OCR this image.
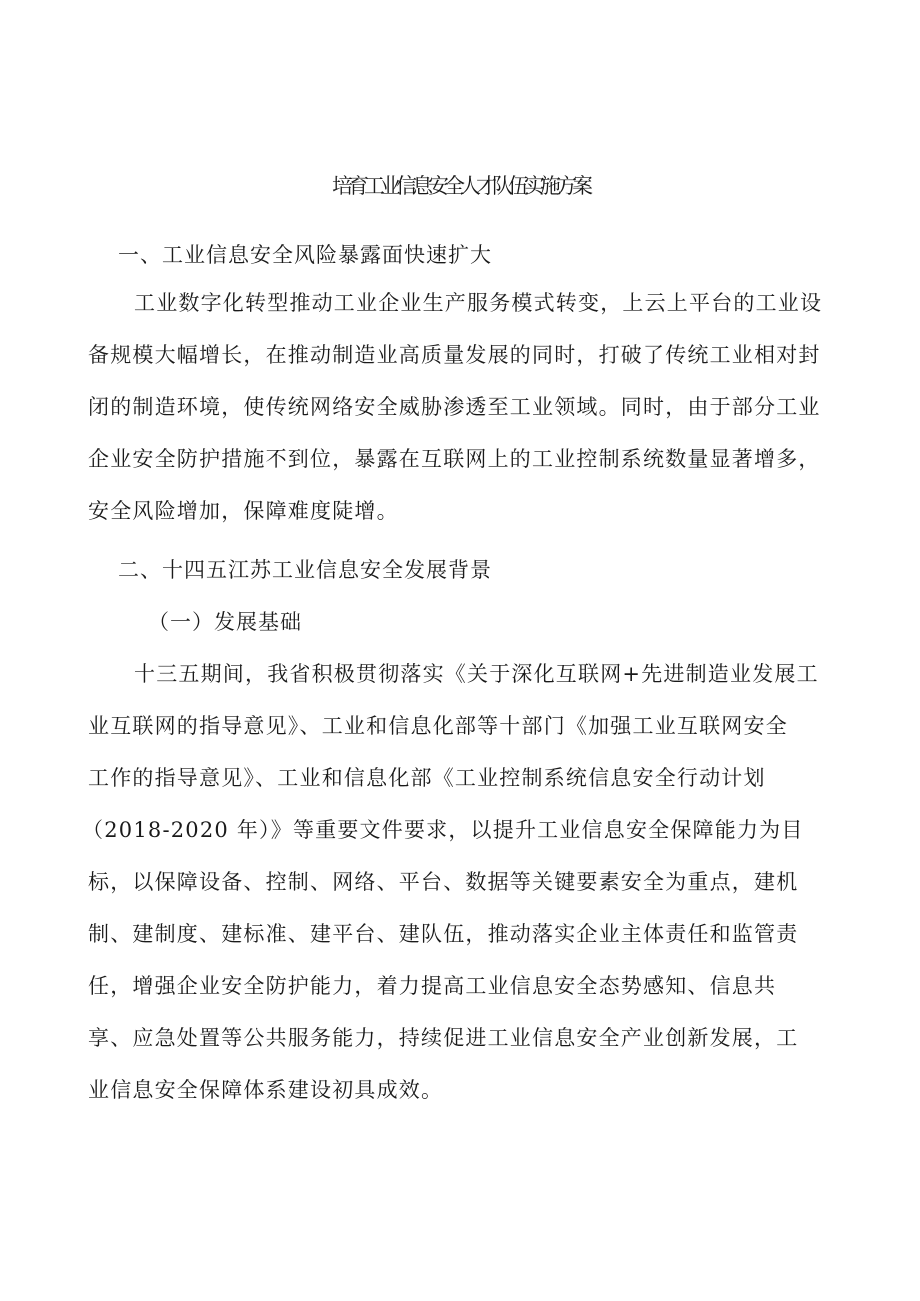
培育工业信息安全人才队伍实施方案
一、工业信息安全风险暴露面快速扩大
工业数字化转型推动工业企业生产服务模式转变，上云上平台的工业设
备规模大幅增长，在推动制造业高质量发展的同时，打破了传统工业相对封
闭的制造环境，使传统网络安全威胁渗透至工业领域。同时，由于部分工业
企业安全防护措施不到位，暴露在互联网上的工业控制系统数量显著增多，
安全风险增加，保障难度陡增。
二、十四五江苏工业信息安全发展背景
（一）发展基础
十三五期间，我省积极贯彻落实《关于深化互联网+先进制造业发展工
业互联网的指导意见》、工业和信息化部等十部门《加强工业互联网安全
工作的指导意见》、工业和信息化部《工业控制系统信息安全行动计划
（2018-2020 年）》等重要文件要求，以提升工业信息安全保障能力为目
标，以保障设备、控制、网络、平台、数据等关键要素安全为重点，建机
制、建制度、建标准、建平台、建队伍，推动落实企业主体责任和监管责
任，增强企业安全防护能力，着力提高工业信息安全态势感知、信息共
享、应急处置等公共服务能力，持续促进工业信息安全产业创新发展，工
业信息安全保障体系建设初具成效。
